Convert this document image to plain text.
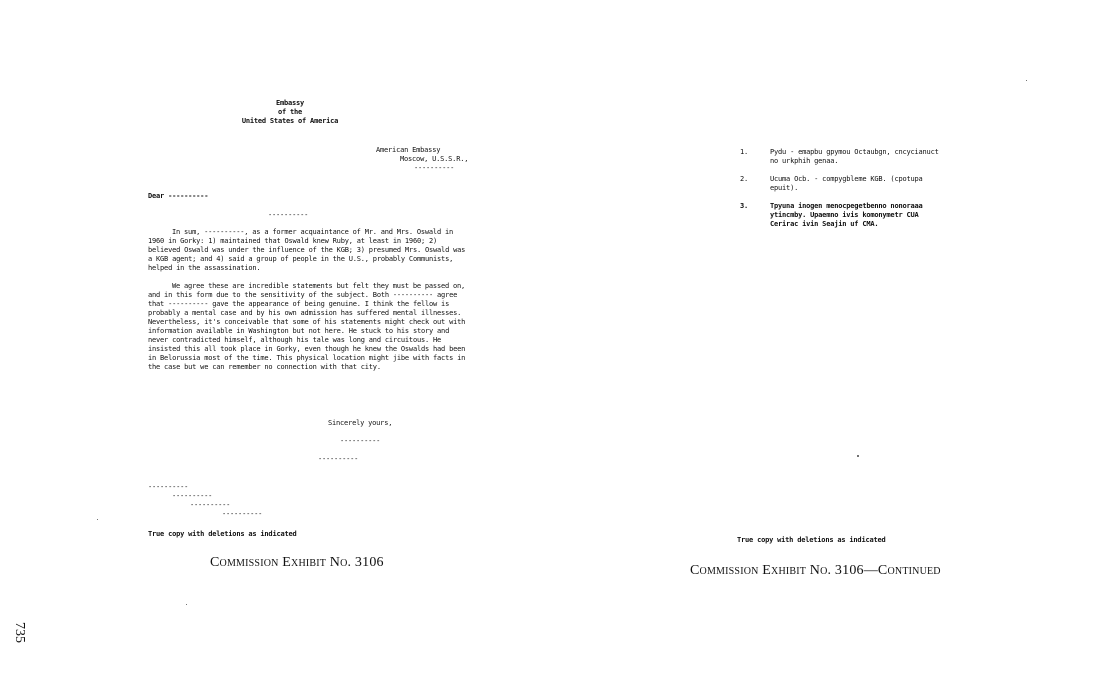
Embassy
of the
United States of America
American Embassy
Moscow, U.S.S.R.,
----------
Dear ----------
----------

In sum, ----------, as a former acquaintance of Mr. and Mrs. Oswald in 1960 in Gorky: 1) maintained that Oswald knew Ruby, at least in 1960; 2) believed Oswald was under the influence of the KGB; 3) presumed Mrs. Oswald was a KGB agent; and 4) said a group of people in the U.S., probably Communists, helped in the assassination.

We agree these are incredible statements but felt they must be passed on, and in this form due to the sensitivity of the subject. Both ---------- agree that ---------- gave the appearance of being genuine. I think the fellow is probably a mental case and by his own admission has suffered mental illnesses. Nevertheless, it's conceivable that some of his statements might check out with information available in Washington but not here. He stuck to his story and never contradicted himself, although his tale was long and circuitous. He insisted this all took place in Gorky, even though he knew the Oswalds had been in Belorussia most of the time. This physical location might jibe with facts in the case but we can remember no connection with that city.

Sincerely yours,
----------
----------
----------
----------
----------
----------
True copy with deletions as indicated
Commission Exhibit No. 3106
735
1.	Pydu - emapbu gpymou Octaubgn, cncycianuct no urkphih genaa.
2.	Ucuma Ocb. - compygbleme KGB. (cpotupa epuit).
3.	Tpyuna inogen menocpegetbenno nonoraaa ytincmby. Upaemno ivis komonymetr CUA Cerirac ivin Seajin uf CMA.
True copy with deletions as indicated
Commission Exhibit No. 3106—Continued
